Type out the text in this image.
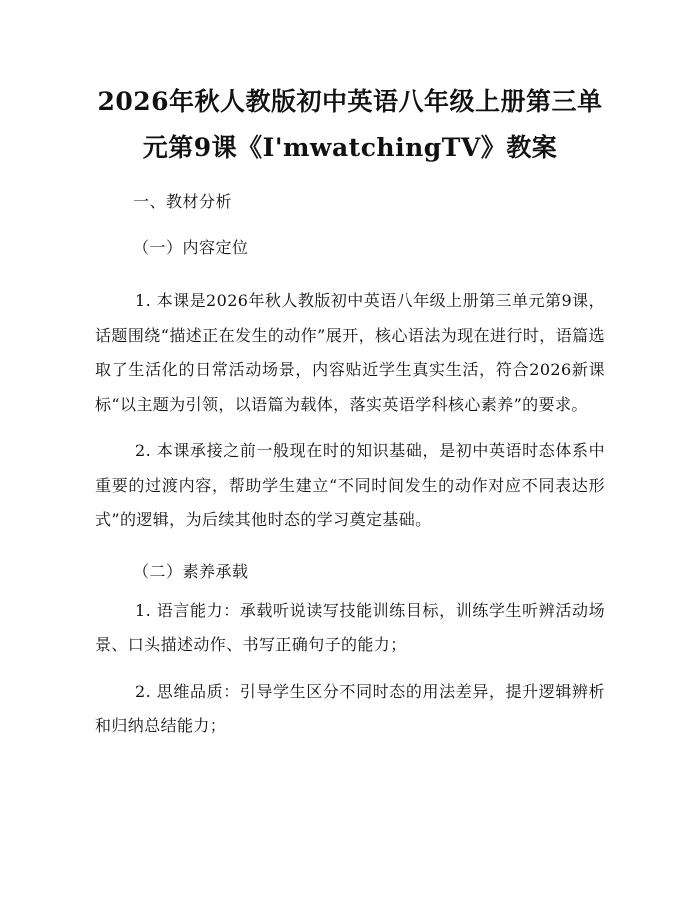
2026年秋人教版初中英语八年级上册第三单
元第9课《I'mwatchingTV》教案

一、教材分析

（一）内容定位

1. 本课是2026年秋人教版初中英语八年级上册第三单元第9课，话题围绕“描述正在发生的动作”展开，核心语法为现在进行时，语篇选取了生活化的日常活动场景，内容贴近学生真实生活，符合2026新课标“以主题为引领，以语篇为载体，落实英语学科核心素养”的要求。

2. 本课承接之前一般现在时的知识基础，是初中英语时态体系中重要的过渡内容，帮助学生建立“不同时间发生的动作对应不同表达形式”的逻辑，为后续其他时态的学习奠定基础。

（二）素养承载

1. 语言能力：承载听说读写技能训练目标，训练学生听辨活动场景、口头描述动作、书写正确句子的能力；

2. 思维品质：引导学生区分不同时态的用法差异，提升逻辑辨析和归纳总结能力；
